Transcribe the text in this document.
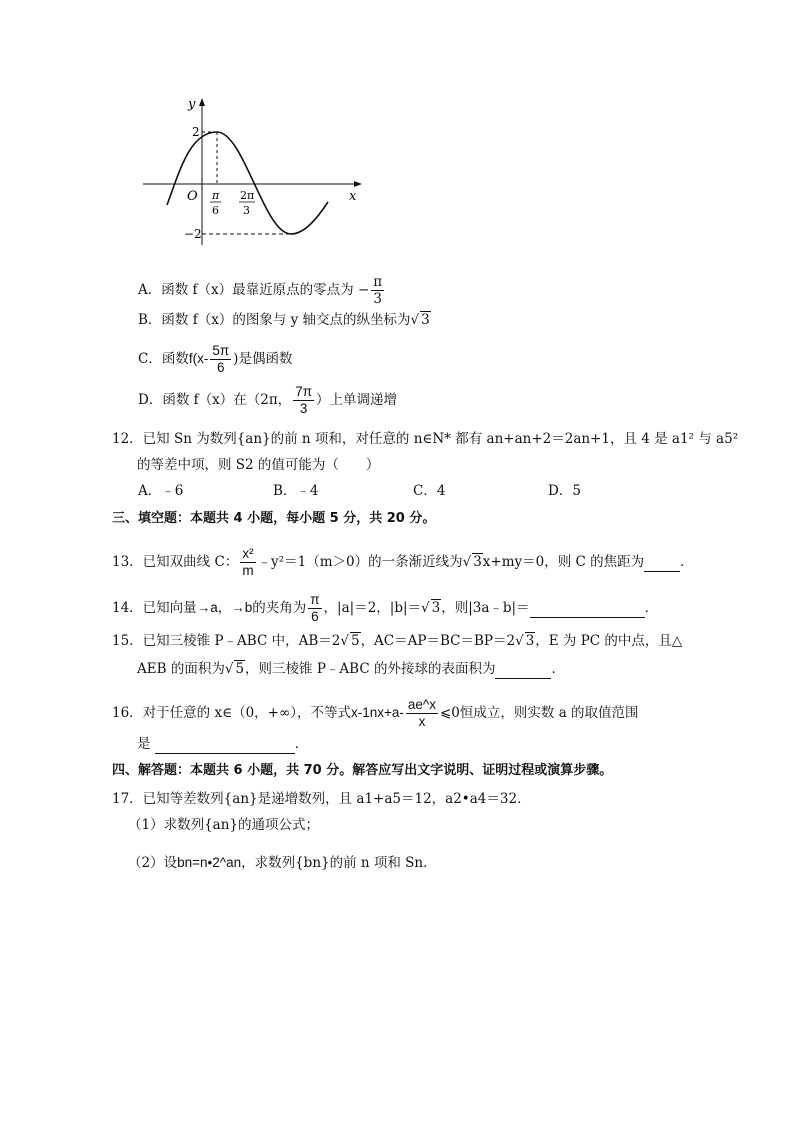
y
x
O
2
−2
π
6
2π
3
A．函数 f（x）最靠近原点的零点为 − $\frac{\pi}{3}$
B．函数 f（x）的图象与 y 轴交点的纵坐标为√ 3
C．函数$f(x- \frac{5\pi}{6}$ )是偶函数
D．函数 f（x）在（2π， $\frac{7\pi}{3}$ ）上单调递增
12．已知 Sn 为数列{an}的前 n 项和，对任意的 n∈N* 都有 an+an+2＝2an+1，且 4 是 a1² 与 a5²
的等差中项，则 S2 的值可能为（　　）
A．﹣6	B．﹣4	C．4	D．5
三、填空题：本题共 4 小题，每小题 5 分，共 20 分。
13．已知双曲线 C： $\frac{\text{x²}}{m}$ ﹣y²＝1（m＞0）的一条渐近线为√ 3x+my＝0，则 C 的焦距为	．
14．已知向量→a，→b的夹角为 $\frac{\pi}{6}$ ，|a|＝2，|b|＝√ 3，则|3a﹣b|＝	．
15．已知三棱锥 P﹣ABC 中，AB＝2√ 5，AC＝AP＝BC＝BP＝2√ 3，E 为 PC 的中点，且△
AEB 的面积为√ 5，则三棱锥 P﹣ABC 的外接球的表面积为	．
16．对于任意的 x∈（0，+∞），不等式$x-1nx+a- \frac{ae\^{}x}{x}$ ⩽0恒成立，则实数 a 的取值范围
是	．
四、解答题：本题共 6 小题，共 70 分。解答应写出文字说明、证明过程或演算步骤。
17．已知等差数列{an}是递增数列，且 a1+a5＝12，a2•a4＝32．
（1）求数列{an}的通项公式；
（2）设bn=n•2^an，求数列{bn}的前 n 项和 Sn．
